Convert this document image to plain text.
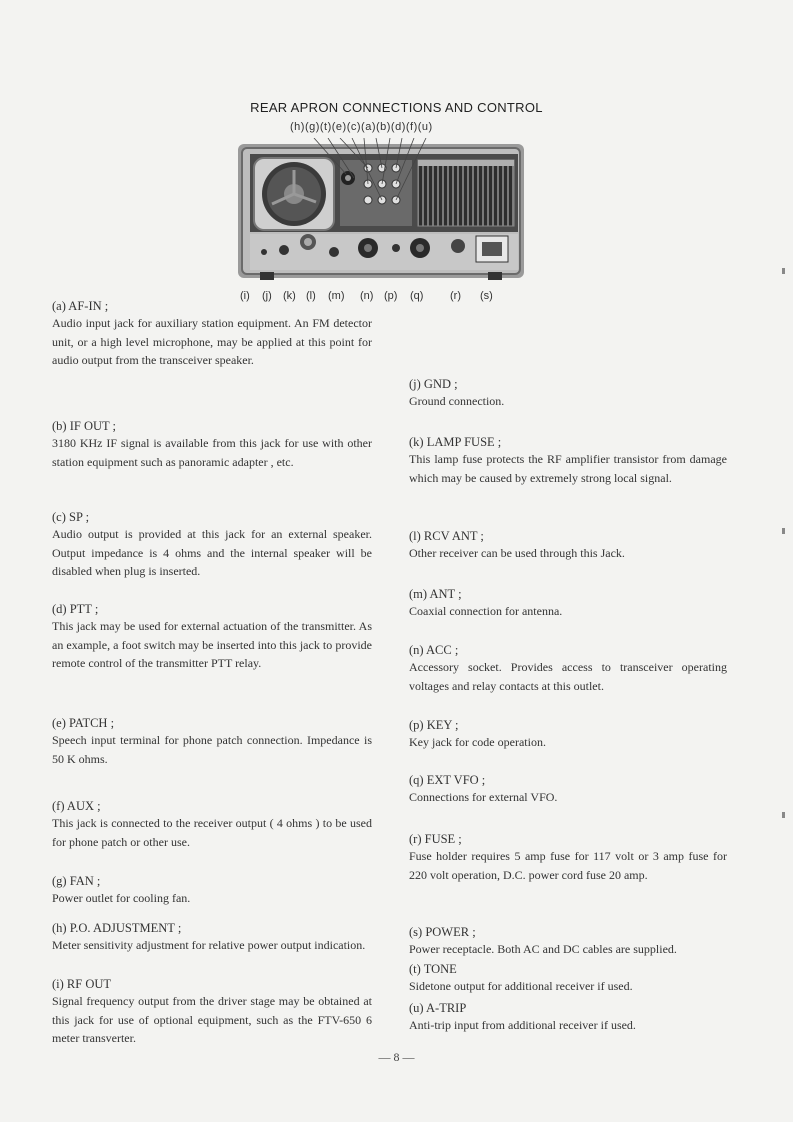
REAR APRON CONNECTIONS AND CONTROL
(h)(g)(t)(e)(c)(a)(b)(d)(f)(u)
(i) (j) (k) (l) (m) (n) (p) (q) (r) (s)
(a) AF-IN ;
Audio input jack for auxiliary station equipment. An FM detector unit, or a high level microphone, may be applied at this point for audio output from the transceiver speaker.
(b) IF OUT ;
3180 KHz IF signal is available from this jack for use with other station equipment such as panoramic adapter , etc.
(c) SP ;
Audio output is provided at this jack for an external speaker. Output impedance is 4 ohms and the internal speaker will be disabled when plug is inserted.
(d) PTT ;
This jack may be used for external actuation of the transmitter. As an example, a foot switch may be inserted into this jack to provide remote control of the transmitter PTT relay.
(e) PATCH ;
Speech input terminal for phone patch connection. Impedance is 50 K ohms.
(f) AUX ;
This jack is connected to the receiver output ( 4 ohms ) to be used for phone patch or other use.
(g) FAN ;
Power outlet for cooling fan.
(h) P.O. ADJUSTMENT ;
Meter sensitivity adjustment for relative power output indication.
(i) RF OUT
Signal frequency output from the driver stage may be obtained at this jack for use of optional equipment, such as the FTV-650 6 meter transverter.
(j) GND ;
Ground connection.
(k) LAMP FUSE ;
This lamp fuse protects the RF amplifier transistor from damage which may be caused by extremely strong local signal.
(l) RCV ANT ;
Other receiver can be used through this Jack.
(m) ANT ;
Coaxial connection for antenna.
(n) ACC ;
Accessory socket. Provides access to transceiver operating voltages and relay contacts at this outlet.
(p) KEY ;
Key jack for code operation.
(q) EXT VFO ;
Connections for external VFO.
(r) FUSE ;
Fuse holder requires 5 amp fuse for 117 volt or 3 amp fuse for 220 volt operation, D.C. power cord fuse 20 amp.
(s) POWER ;
Power receptacle. Both AC and DC cables are supplied.
(t) TONE
Sidetone output for additional receiver if used.
(u) A-TRIP
Anti-trip input from additional receiver if used.
— 8 —
